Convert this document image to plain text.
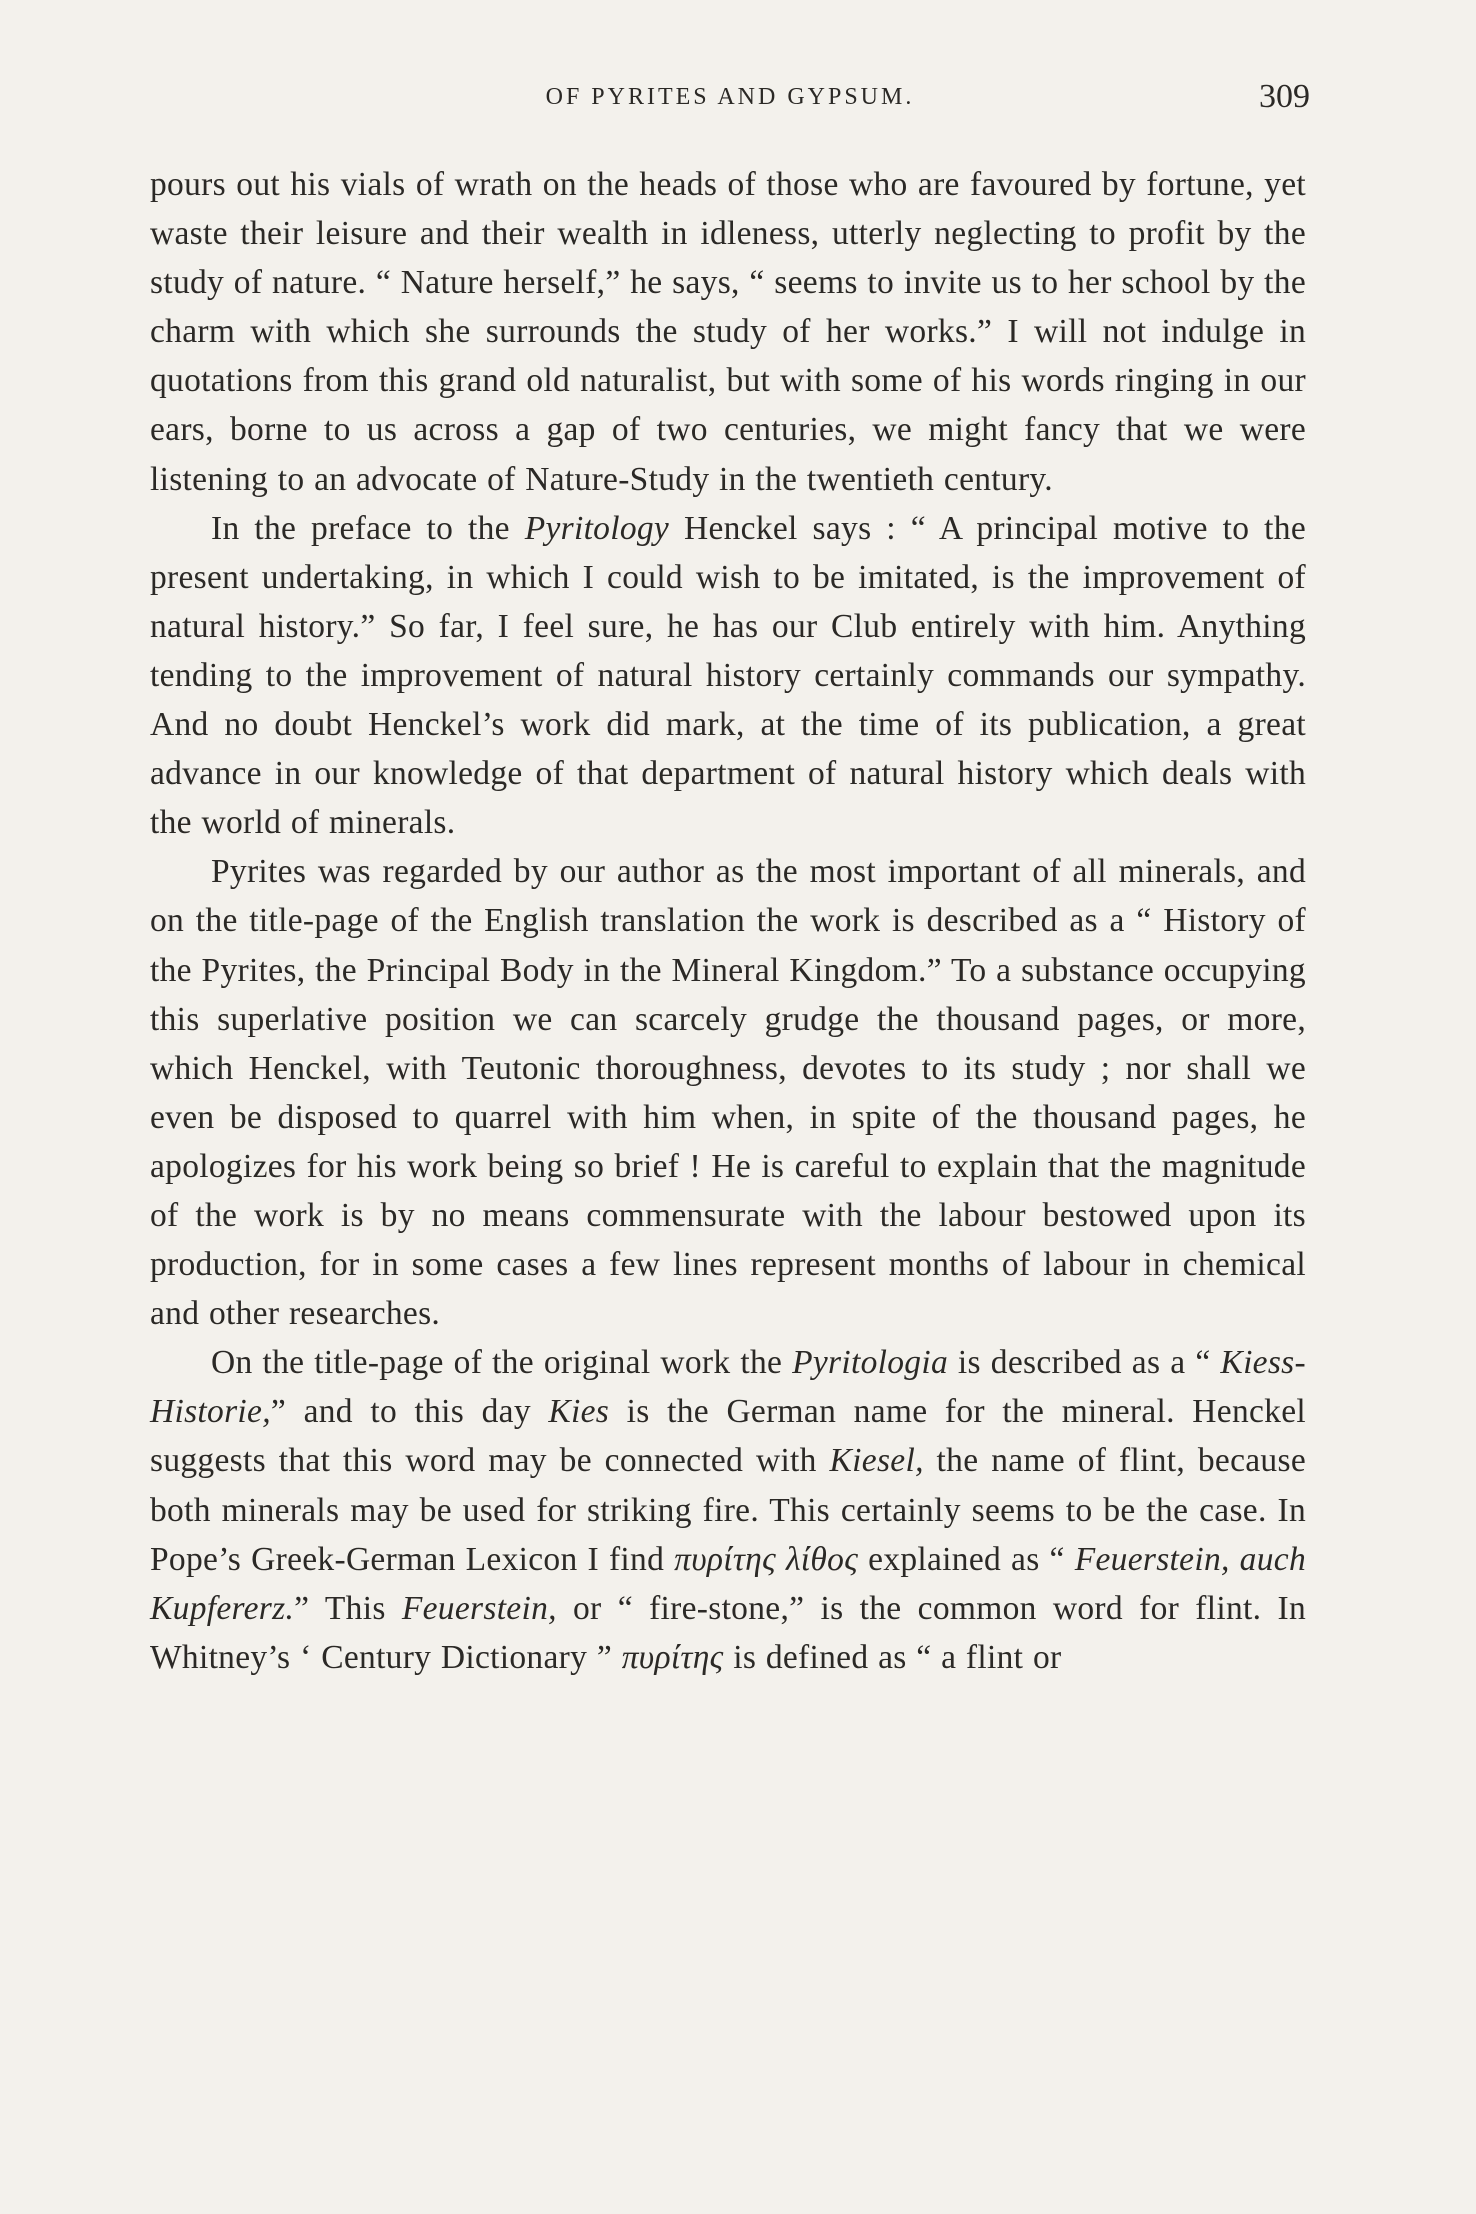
OF PYRITES AND GYPSUM.	309

pours out his vials of wrath on the heads of those who are favoured by fortune, yet waste their leisure and their wealth in idleness, utterly neglecting to profit by the study of nature. “ Nature herself,” he says, “ seems to invite us to her school by the charm with which she surrounds the study of her works.” I will not indulge in quotations from this grand old naturalist, but with some of his words ringing in our ears, borne to us across a gap of two centuries, we might fancy that we were listening to an advocate of Nature-Study in the twentieth century.

In the preface to the Pyritology Henckel says : “ A principal motive to the present undertaking, in which I could wish to be imitated, is the improvement of natural history.” So far, I feel sure, he has our Club entirely with him. Anything tending to the improvement of natural history certainly commands our sympathy. And no doubt Henckel’s work did mark, at the time of its publication, a great advance in our knowledge of that department of natural history which deals with the world of minerals.

Pyrites was regarded by our author as the most important of all minerals, and on the title-page of the English translation the work is described as a “ History of the Pyrites, the Principal Body in the Mineral Kingdom.” To a substance occupying this superlative position we can scarcely grudge the thousand pages, or more, which Henckel, with Teutonic thoroughness, devotes to its study ; nor shall we even be disposed to quarrel with him when, in spite of the thousand pages, he apologizes for his work being so brief ! He is careful to explain that the magnitude of the work is by no means commensurate with the labour bestowed upon its production, for in some cases a few lines represent months of labour in chemical and other researches.

On the title-page of the original work the Pyritologia is described as a “ Kiess-Historie,” and to this day Kies is the German name for the mineral. Henckel suggests that this word may be connected with Kiesel, the name of flint, because both minerals may be used for striking fire. This certainly seems to be the case. In Pope’s Greek-German Lexicon I find πυρίτης λίθος explained as “ Feuerstein, auch Kupfererz.” This Feuerstein, or “ fire-stone,” is the common word for flint. In Whitney’s ‘ Century Dictionary ” πυρίτης is defined as “ a flint or
